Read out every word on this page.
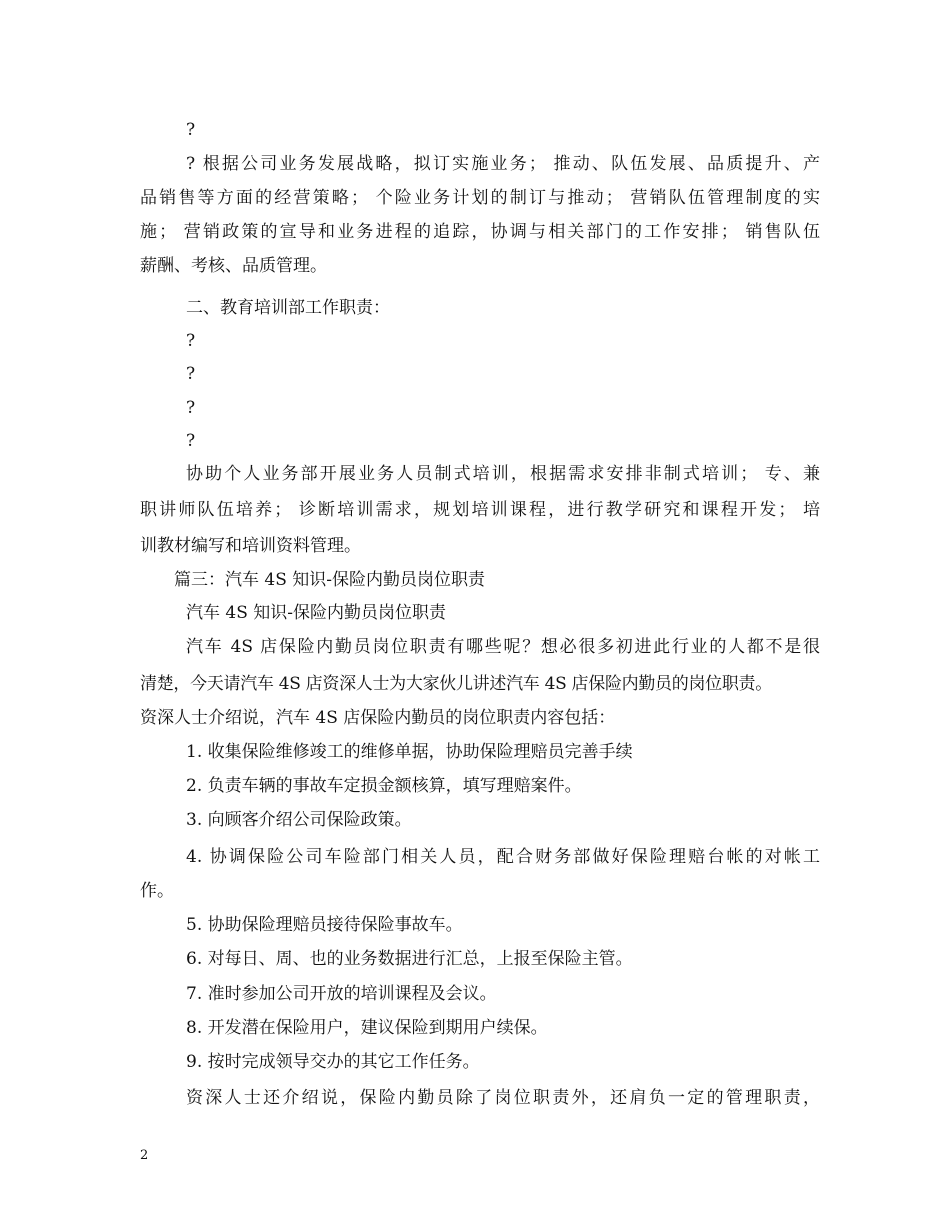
?
? 根据公司业务发展战略，拟订实施业务； 推动、队伍发展、品质提升、产
品销售等方面的经营策略； 个险业务计划的制订与推动； 营销队伍管理制度的实
施； 营销政策的宣导和业务进程的追踪，协调与相关部门的工作安排； 销售队伍
薪酬、考核、品质管理。
二、教育培训部工作职责：
?
?
?
?
协助个人业务部开展业务人员制式培训，根据需求安排非制式培训； 专、兼
职讲师队伍培养； 诊断培训需求，规划培训课程，进行教学研究和课程开发； 培
训教材编写和培训资料管理。
篇三：汽车 4S 知识-保险内勤员岗位职责
汽车 4S 知识-保险内勤员岗位职责
汽车 4S 店保险内勤员岗位职责有哪些呢？想必很多初进此行业的人都不是很
清楚，今天请汽车 4S 店资深人士为大家伙儿讲述汽车 4S 店保险内勤员的岗位职责。
资深人士介绍说，汽车 4S 店保险内勤员的岗位职责内容包括：
1. 收集保险维修竣工的维修单据，协助保险理赔员完善手续
2. 负责车辆的事故车定损金额核算，填写理赔案件。
3. 向顾客介绍公司保险政策。
4. 协调保险公司车险部门相关人员，配合财务部做好保险理赔台帐的对帐工
作。
5. 协助保险理赔员接待保险事故车。
6. 对每日、周、也的业务数据进行汇总，上报至保险主管。
7. 准时参加公司开放的培训课程及会议。
8. 开发潜在保险用户，建议保险到期用户续保。
9. 按时完成领导交办的其它工作任务。
资深人士还介绍说，保险内勤员除了岗位职责外，还肩负一定的管理职责，
2
